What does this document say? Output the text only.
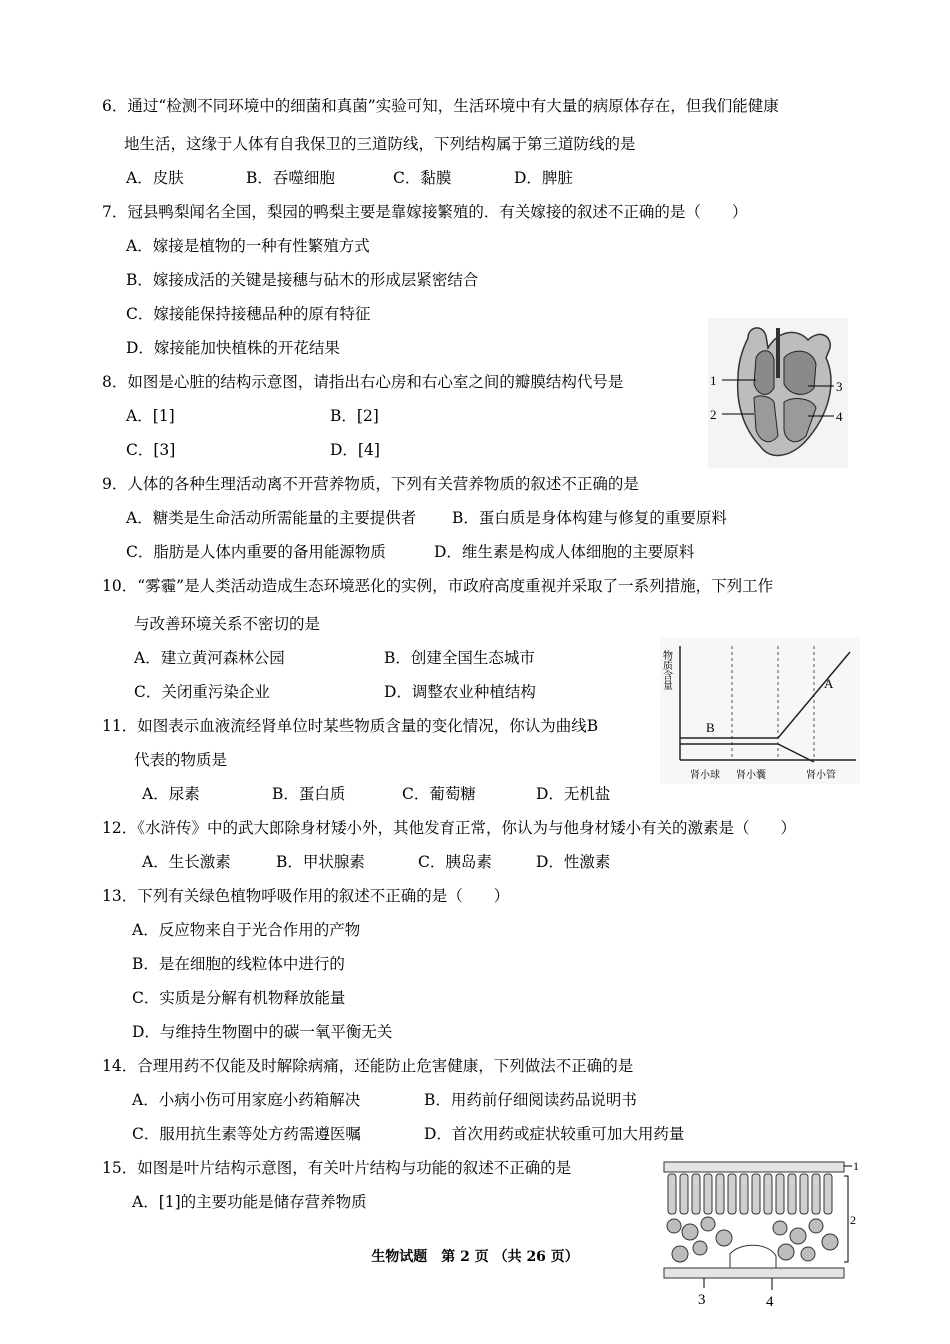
6．通过“检测不同环境中的细菌和真菌”实验可知，生活环境中有大量的病原体存在，但我们能健康
地生活，这缘于人体有自我保卫的三道防线，下列结构属于第三道防线的是
A．皮肤	B．吞噬细胞	C．黏膜	D．脾脏
7．冠县鸭梨闻名全国，梨园的鸭梨主要是靠嫁接繁殖的．有关嫁接的叙述不正确的是（　　）
A．嫁接是植物的一种有性繁殖方式
B．嫁接成活的关键是接穗与砧木的形成层紧密结合
C．嫁接能保持接穗品种的原有特征
D．嫁接能加快植株的开花结果
8．如图是心脏的结构示意图，请指出右心房和右心室之间的瓣膜结构代号是
A．[1]	B．[2]
C．[3]	D．[4]
1
2
3
4
9．人体的各种生理活动离不开营养物质，下列有关营养物质的叙述不正确的是
A．糖类是生命活动所需能量的主要提供者 B．蛋白质是身体构建与修复的重要原料
C．脂肪是人体内重要的备用能源物质	D．维生素是构成人体细胞的主要原料
10．“雾霾”是人类活动造成生态环境恶化的实例，市政府高度重视并采取了一系列措施，下列工作
与改善环境关系不密切的是
A．建立黄河森林公园	B．创建全国生态城市
C．关闭重污染企业	D．调整农业种植结构
物质含量	A
B
肾小球 肾小囊	肾小管
11．如图表示血液流经肾单位时某些物质含量的变化情况，你认为曲线B
代表的物质是
A．尿素	B．蛋白质	C．葡萄糖	D．无机盐
12．《水浒传》中的武大郎除身材矮小外，其他发育正常，你认为与他身材矮小有关的激素是（　　）
A．生长激素	B．甲状腺素	C．胰岛素	D．性激素
13．下列有关绿色植物呼吸作用的叙述不正确的是（　　）
A．反应物来自于光合作用的产物
B．是在细胞的线粒体中进行的
C．实质是分解有机物释放能量
D．与维持生物圈中的碳一氧平衡无关
14．合理用药不仅能及时解除病痛，还能防止危害健康，下列做法不正确的是
A．小病小伤可用家庭小药箱解决	B．用药前仔细阅读药品说明书
C．服用抗生素等处方药需遵医嘱	D．首次用药或症状较重可加大用药量
15．如图是叶片结构示意图，有关叶片结构与功能的叙述不正确的是
A．[1]的主要功能是储存营养物质
1
2
3	4
生物试题　第 2 页 （共 26 页）
